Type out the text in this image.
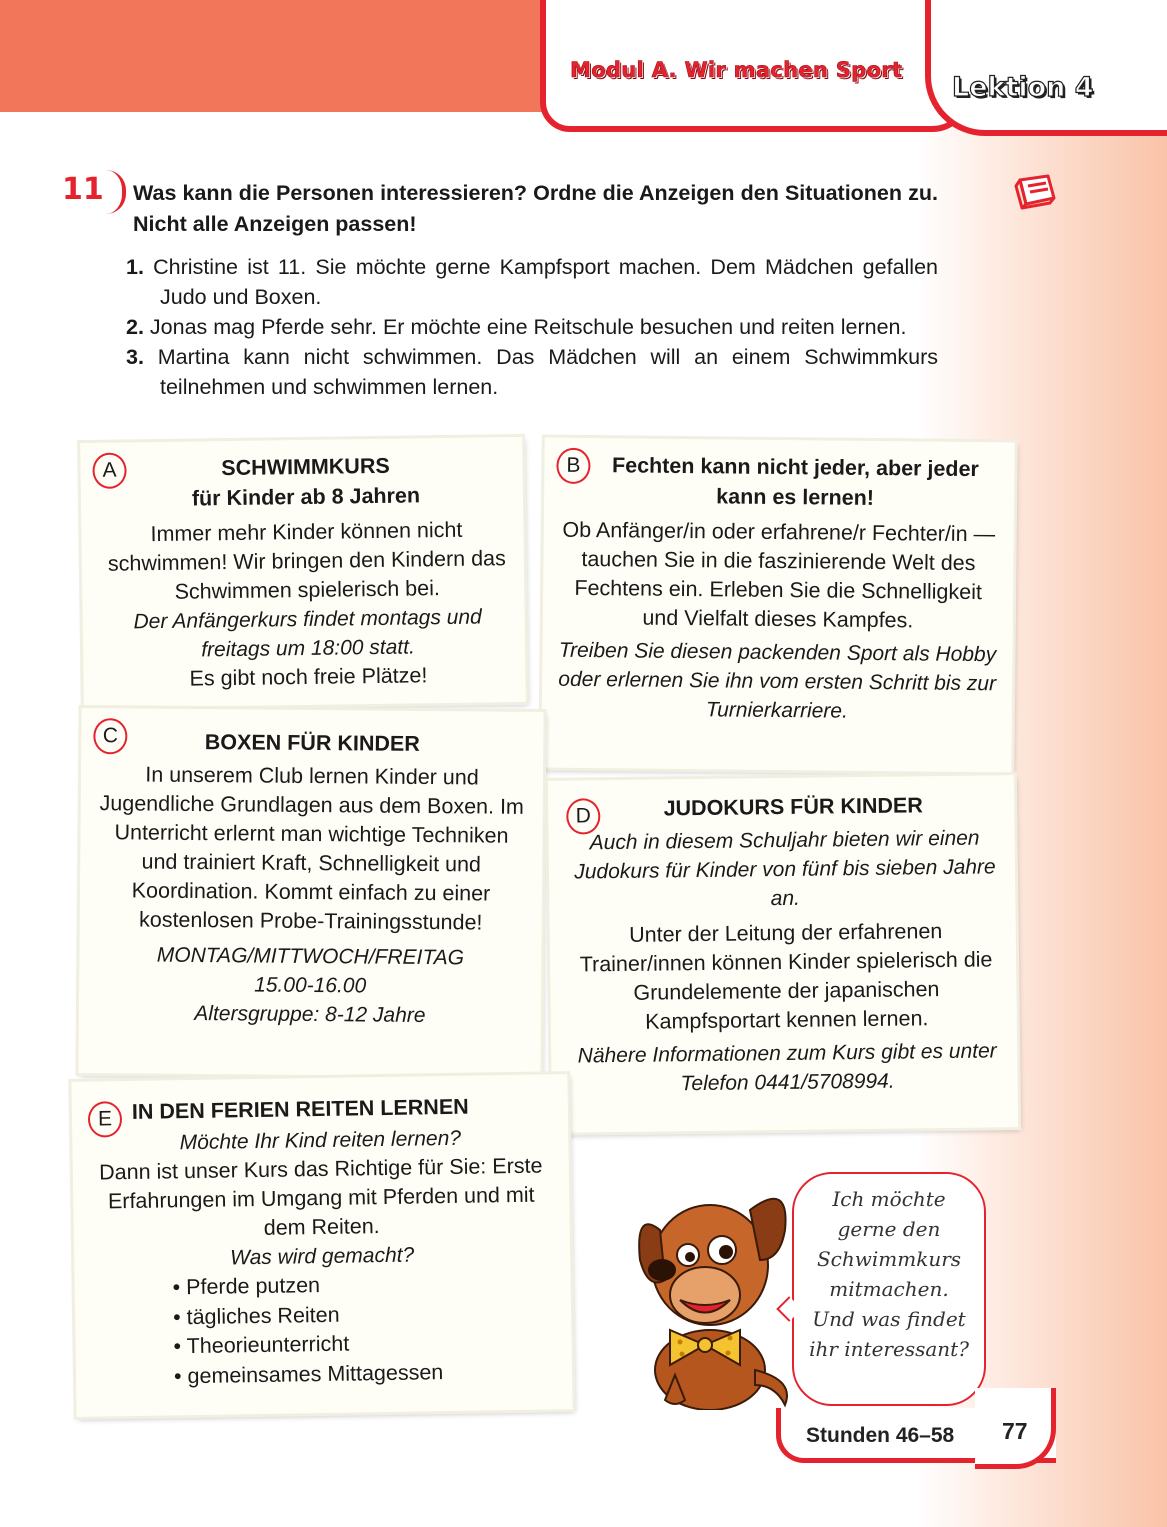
Modul A. Wir machen Sport
Lektion 4
11 Was kann die Personen interessieren? Ordne die Anzeigen den Situationen zu. Nicht alle Anzeigen passen!

1. Christine ist 11. Sie möchte gerne Kampfsport machen. Dem Mädchen gefallen Judo und Boxen.

2. Jonas mag Pferde sehr. Er möchte eine Reitschule besuchen und reiten lernen.

3. Martina kann nicht schwimmen. Das Mädchen will an einem Schwimmkurs teilnehmen und schwimmen lernen.

A	SCHWIMMKURS
für Kinder ab 8 Jahren
Immer mehr Kinder können nicht schwimmen! Wir bringen den Kindern das Schwimmen spielerisch bei.
Der Anfängerkurs findet montags und freitags um 18:00 statt.
Es gibt noch freie Plätze!
B	Fechten kann nicht jeder, aber jeder kann es lernen!
Ob Anfänger/in oder erfahrene/r Fechter/in — tauchen Sie in die faszinierende Welt des Fechtens ein. Erleben Sie die Schnelligkeit und Vielfalt dieses Kampfes.
Treiben Sie diesen packenden Sport als Hobby oder erlernen Sie ihn vom ersten Schritt bis zur Turnierkarriere.
C	BOXEN FÜR KINDER
In unserem Club lernen Kinder und Jugendliche Grundlagen aus dem Boxen. Im Unterricht erlernt man wichtige Techniken und trainiert Kraft, Schnelligkeit und Koordination. Kommt einfach zu einer kostenlosen Probe-Trainingsstunde!
MONTAG/MITTWOCH/FREITAG
15.00-16.00
Altersgruppe: 8-12 Jahre
D	JUDOKURS FÜR KINDER
Auch in diesem Schuljahr bieten wir einen Judokurs für Kinder von fünf bis sieben Jahre an.
Unter der Leitung der erfahrenen Trainer/innen können Kinder spielerisch die Grundelemente der japanischen Kampfsportart kennen lernen.
Nähere Informationen zum Kurs gibt es unter Telefon 0441/5708994.
E IN DEN FERIEN REITEN LERNEN
Möchte Ihr Kind reiten lernen?
Dann ist unser Kurs das Richtige für Sie: Erste Erfahrungen im Umgang mit Pferden und mit dem Reiten.
Was wird gemacht?
• Pferde putzen
• tägliches Reiten
• Theorieunterricht
• gemeinsames Mittagessen
Ich möchte gerne den Schwimmkurs mitmachen. Und was findet ihr interessant?
Stunden 46–58 77
